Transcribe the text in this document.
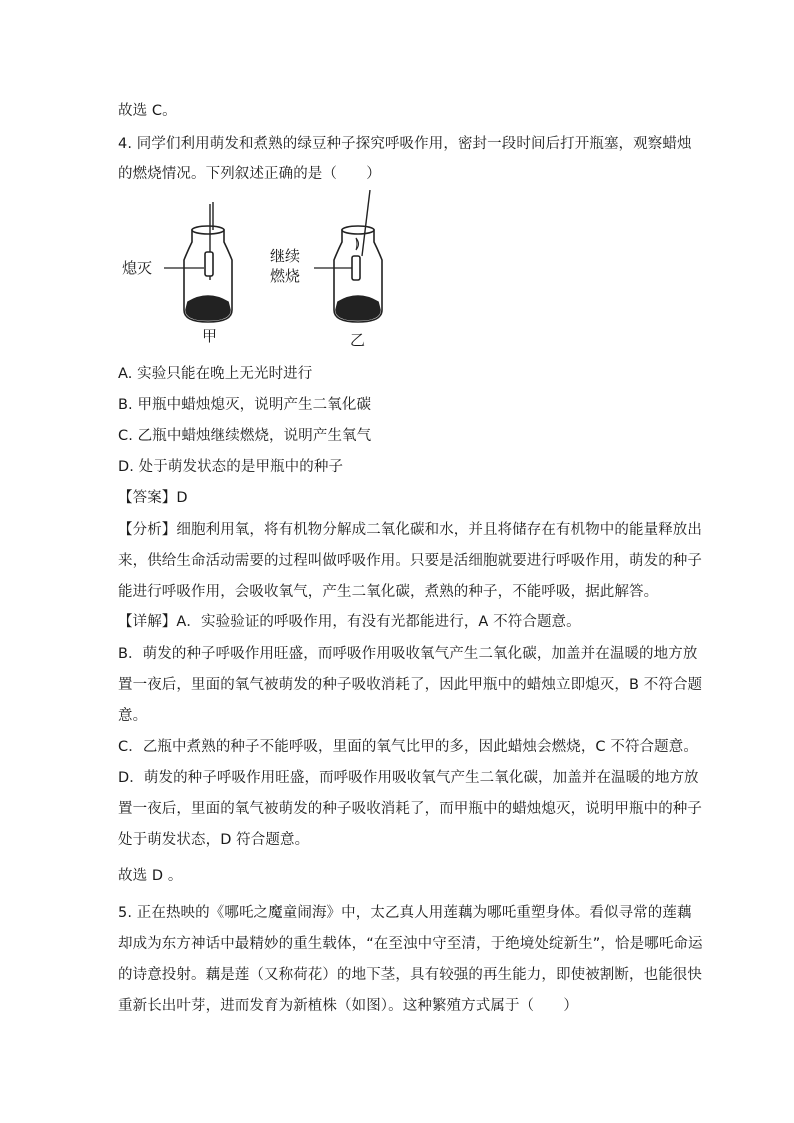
故选 C。
4. 同学们利用萌发和煮熟的绿豆种子探究呼吸作用，密封一段时间后打开瓶塞，观察蜡烛
的燃烧情况。下列叙述正确的是（　　）
熄灭
甲
继续
燃烧
乙
A. 实验只能在晚上无光时进行
B. 甲瓶中蜡烛熄灭，说明产生二氧化碳
C. 乙瓶中蜡烛继续燃烧，说明产生氧气
D. 处于萌发状态的是甲瓶中的种子
【答案】D
【分析】细胞利用氧，将有机物分解成二氧化碳和水，并且将储存在有机物中的能量释放出
来，供给生命活动需要的过程叫做呼吸作用。只要是活细胞就要进行呼吸作用，萌发的种子
能进行呼吸作用，会吸收氧气，产生二氧化碳，煮熟的种子，不能呼吸，据此解答。
【详解】A．实验验证的呼吸作用，有没有光都能进行，A 不符合题意。
B．萌发的种子呼吸作用旺盛，而呼吸作用吸收氧气产生二氧化碳，加盖并在温暖的地方放
置一夜后，里面的氧气被萌发的种子吸收消耗了，因此甲瓶中的蜡烛立即熄灭，B 不符合题
意。
C．乙瓶中煮熟的种子不能呼吸，里面的氧气比甲的多，因此蜡烛会燃烧，C 不符合题意。
D．萌发的种子呼吸作用旺盛，而呼吸作用吸收氧气产生二氧化碳，加盖并在温暖的地方放
置一夜后，里面的氧气被萌发的种子吸收消耗了，而甲瓶中的蜡烛熄灭，说明甲瓶中的种子
处于萌发状态，D 符合题意。
故选 D 。
5. 正在热映的《哪吒之魔童闹海》中，太乙真人用莲藕为哪吒重塑身体。看似寻常的莲藕
却成为东方神话中最精妙的重生载体，“在至浊中守至清，于绝境处绽新生”，恰是哪吒命运
的诗意投射。藕是莲（又称荷花）的地下茎，具有较强的再生能力，即使被割断，也能很快
重新长出叶芽，进而发育为新植株（如图）。这种繁殖方式属于（　　）
